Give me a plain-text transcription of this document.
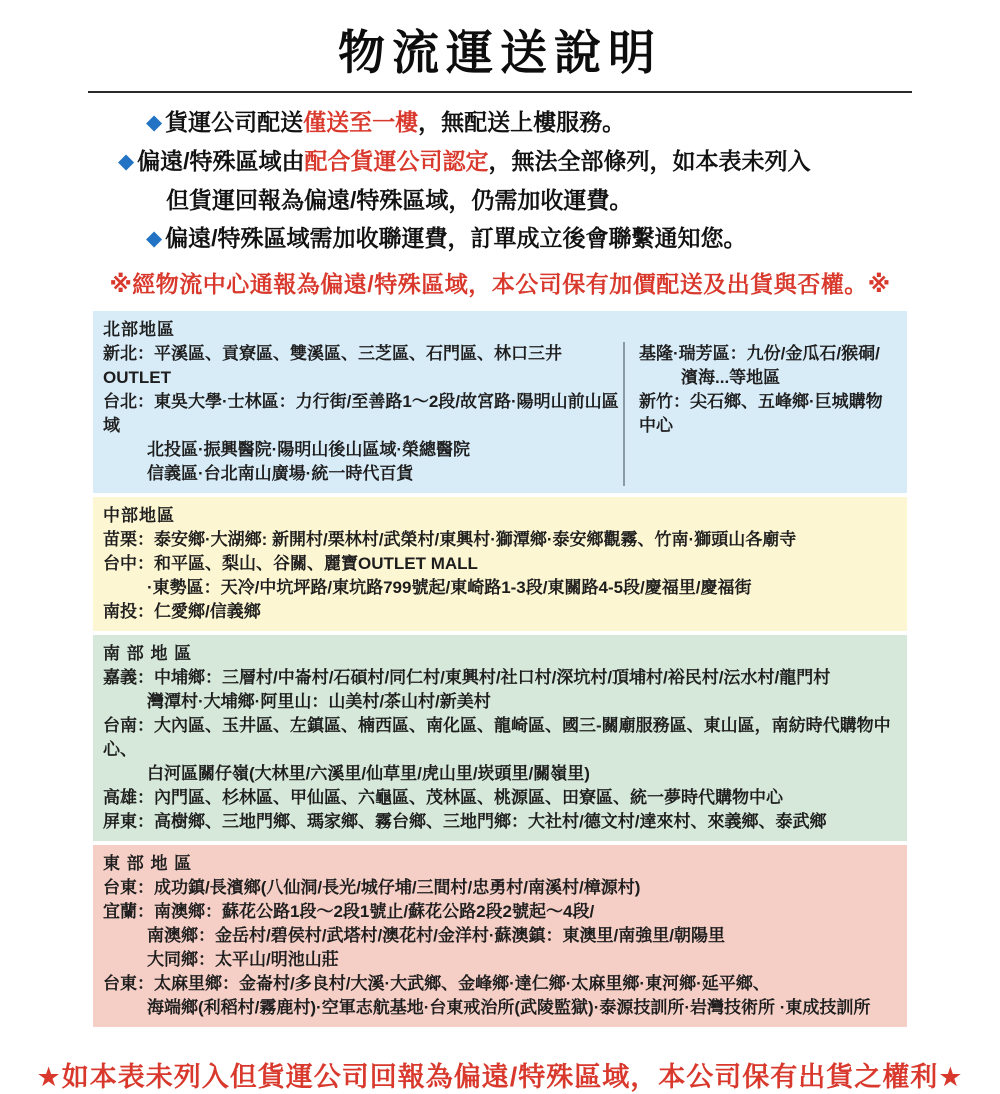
物流運送說明
◆ 貨運公司配送僅送至一樓，無配送上樓服務。
◆ 偏遠/特殊區域由配合貨運公司認定，無法全部條列，如本表未列入
但貨運回報為偏遠/特殊區域，仍需加收運費。
◆ 偏遠/特殊區域需加收聯運費，訂單成立後會聯繫通知您。
※經物流中心通報為偏遠/特殊區域，本公司保有加價配送及出貨與否權。※
北部地區
新北：平溪區、貢寮區、雙溪區、三芝區、石門區、林口三井OUTLET
台北：東吳大學·士林區：力行街/至善路1～2段/故宮路·陽明山前山區域
北投區·振興醫院·陽明山後山區域·榮總醫院
信義區·台北南山廣場·統一時代百貨
基隆·瑞芳區：九份/金瓜石/猴硐/
濱海...等地區
新竹：尖石鄉、五峰鄉·巨城購物中心
中部地區
苗栗：泰安鄉·大湖鄉: 新開村/栗林村/武榮村/東興村·獅潭鄉·泰安鄉觀霧、竹南·獅頭山各廟寺
台中：和平區、梨山、谷關、麗寶OUTLET MALL
·東勢區：天冷/中坑坪路/東坑路799號起/東崎路1-3段/東關路4-5段/慶福里/慶福街
南投：仁愛鄉/信義鄉
南 部 地 區
嘉義：中埔鄉：三層村/中崙村/石碩村/同仁村/東興村/社口村/深坑村/頂埔村/裕民村/沄水村/龍門村
灣潭村·大埔鄉·阿里山：山美村/茶山村/新美村
台南：大內區、玉井區、左鎮區、楠西區、南化區、龍崎區、國三-關廟服務區、東山區，南紡時代購物中心、
白河區關仔嶺(大林里/六溪里/仙草里/虎山里/崁頭里/關嶺里)
高雄：內門區、杉林區、甲仙區、六龜區、茂林區、桃源區、田寮區、統一夢時代購物中心
屏東：高樹鄉、三地門鄉、瑪家鄉、霧台鄉、三地門鄉：大社村/德文村/達來村、來義鄉、泰武鄉
東 部 地 區
台東：成功鎮/長濱鄉(八仙洞/長光/城仔埔/三間村/忠勇村/南溪村/樟源村)
宜蘭：南澳鄉：蘇花公路1段～2段1號止/蘇花公路2段2號起～4段/
南澳鄉：金岳村/碧侯村/武塔村/澳花村/金洋村·蘇澳鎮：東澳里/南強里/朝陽里
大同鄉：太平山/明池山莊
台東：太麻里鄉：金崙村/多良村/大溪·大武鄉、金峰鄉·達仁鄉·太麻里鄉·東河鄉·延平鄉、
海端鄉(利稻村/霧鹿村)·空軍志航基地·台東戒治所(武陵監獄)·泰源技訓所·岩灣技術所 ·東成技訓所
★如本表未列入但貨運公司回報為偏遠/特殊區域，本公司保有出貨之權利★
